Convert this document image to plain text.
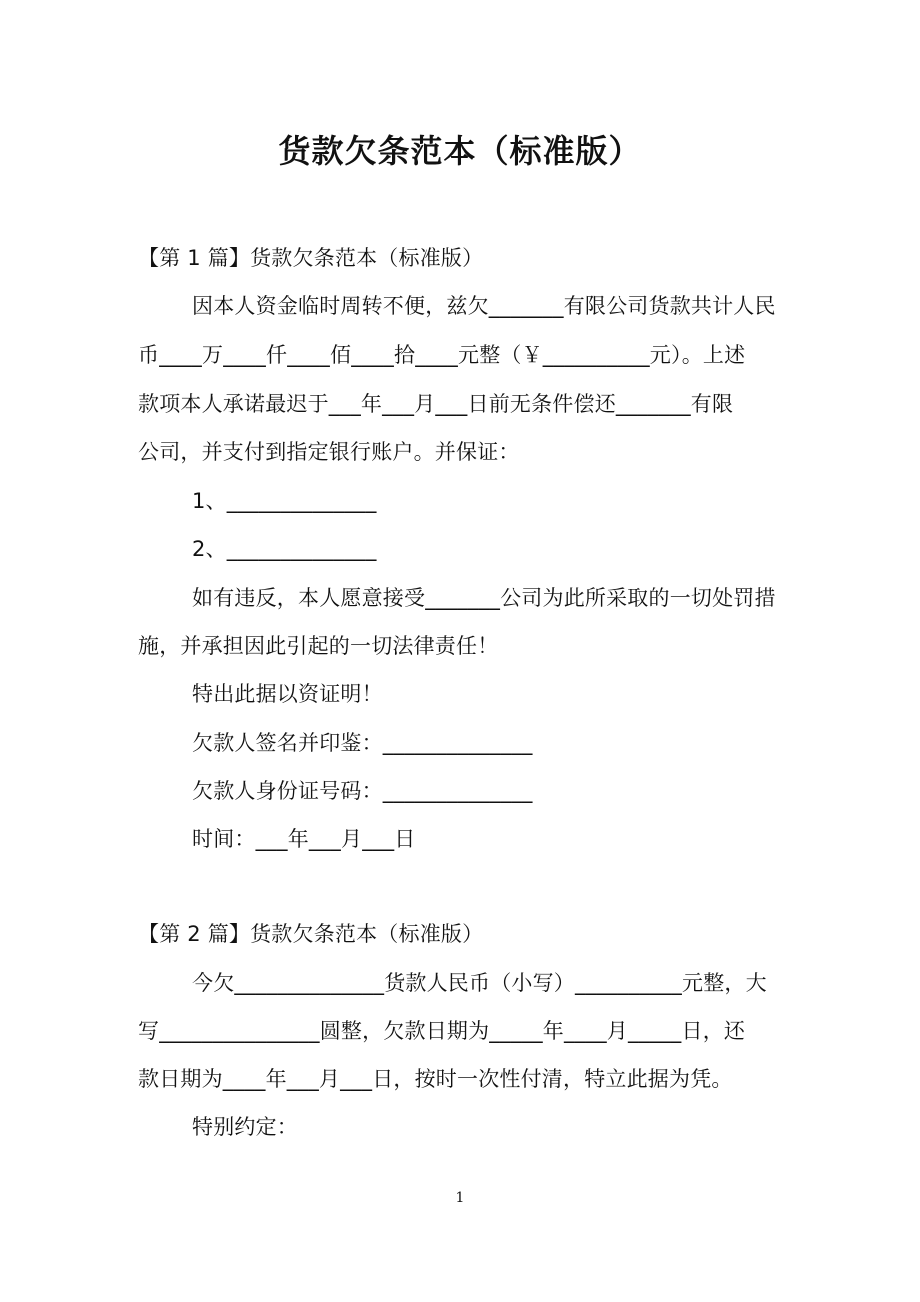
货款欠条范本（标准版）
【第 1 篇】货款欠条范本（标准版）
因本人资金临时周转不便，兹欠_______有限公司货款共计人民
币____万____仟____佰____拾____元整（￥__________元）。上述
款项本人承诺最迟于___年___月___日前无条件偿还_______有限
公司，并支付到指定银行账户。并保证：
1、______________
2、______________
如有违反，本人愿意接受_______公司为此所采取的一切处罚措
施，并承担因此引起的一切法律责任！
特出此据以资证明！
欠款人签名并印鉴：______________
欠款人身份证号码：______________
时间：___年___月___日
【第 2 篇】货款欠条范本（标准版）
今欠______________货款人民币（小写）__________元整，大
写_______________圆整，欠款日期为_____年____月_____日，还
款日期为____年___月___日，按时一次性付清，特立此据为凭。
特别约定：
1
